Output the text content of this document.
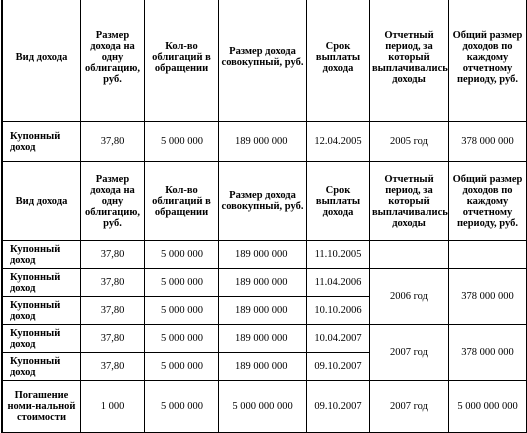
Вид дохода	Размер дохода на одну облигацию, руб.	Кол-во облигаций в обращении	Размер дохода совокупный, руб.	Срок выплаты дохода	Отчетный период, за который выплачивались доходы	Общий размер доходов по каждому отчетному периоду, руб.
Купонный доход	37,80	5 000 000	189 000 000	12.04.2005	2005 год	378 000 000
Вид дохода	Размер дохода на одну облигацию, руб.	Кол-во облигаций в обращении	Размер дохода совокупный, руб.	Срок выплаты дохода	Отчетный период, за который выплачивались доходы	Общий размер доходов по каждому отчетному периоду, руб.
Купонный доход	37,80	5 000 000	189 000 000	11.10.2005		
Купонный доход	37,80	5 000 000	189 000 000	11.04.2006	2006 год	378 000 000
Купонный доход	37,80	5 000 000	189 000 000	10.10.2006		
Купонный доход	37,80	5 000 000	189 000 000	10.04.2007	2007 год	378 000 000
Купонный доход	37,80	5 000 000	189 000 000	09.10.2007		
Погашение номи-нальной стоимости	1 000	5 000 000	5 000 000 000	09.10.2007	2007 год	5 000 000 000
